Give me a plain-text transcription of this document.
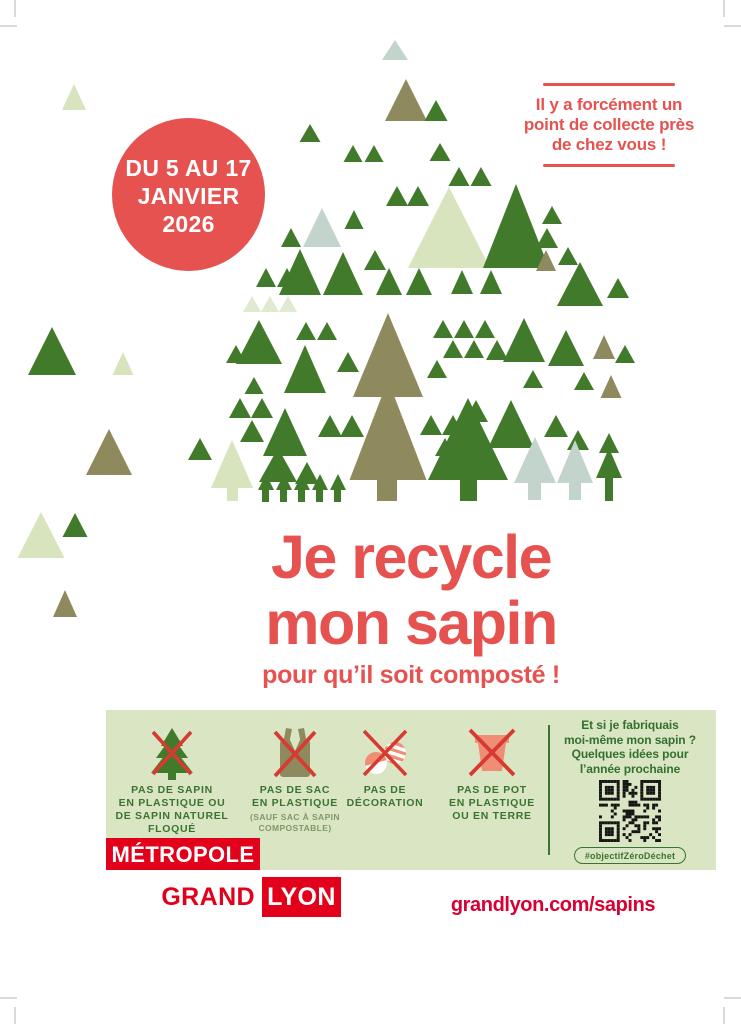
DU 5 AU 17
JANVIER
2026
Il y a forcément un
point de collecte près
de chez vous !
Je recycle
mon sapin
pour qu’il soit composté !
PAS DE SAPIN
EN PLASTIQUE OU
DE SAPIN NATUREL
FLOQUÉ
PAS DE SAC
EN PLASTIQUE
(SAUF SAC À SAPIN
COMPOSTABLE)
PAS DE
DÉCORATION
PAS DE POT
EN PLASTIQUE
OU EN TERRE
Et si je fabriquais
moi-même mon sapin ?
Quelques idées pour
l’année prochaine
#objectifZéroDéchet
MÉTROPOLE
GRAND LYON	grandlyon.com/sapins
